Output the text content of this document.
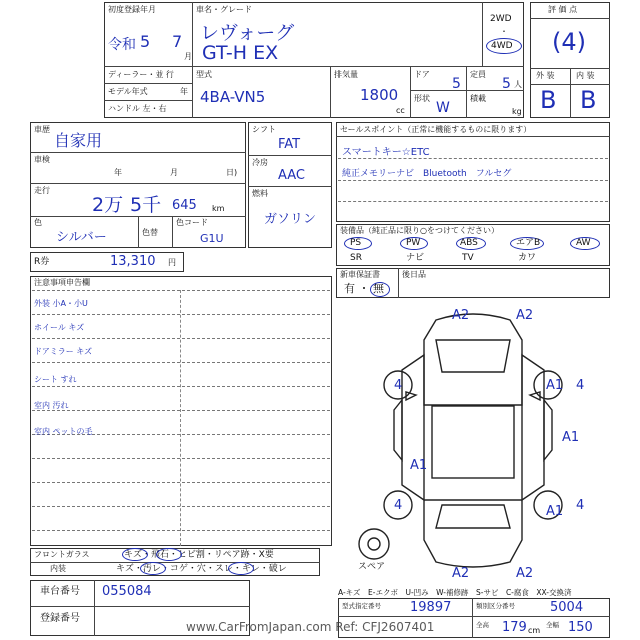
初度登録年月
令和 5 7
月
車名・グレード
レヴォーグ
GT-H EX
2WD
・
4WD
ディーラー・並 行
モデル年式	年
ハンドル 左・右
型式
4BA-VN5
排気量
1800
cc
ドア
5
定員
5 人
形状
W
積載
kg
評 価 点
(4)
外 装	内 装
B B
車歴
自家用
車検
年	月	日)
走行
2万 5千 645 km
色
シルバー	色替
色コード
G1U
シフト
FAT
冷房
AAC
燃料
ガソリン
セールスポイント（正常に機能するものに限ります）
スマートキー☆ETC
純正メモリーナビ　Bluetooth　フルセグ
装備品（純正品に限り○をつけてください）
PS	PW	ABS	エアB	AW
SR	ナビ	TV	カワ
新車保証書
有 ・ 無
後日品
R券	13,310 円
注意事項申告欄
外装 小A・小U
ホイール キズ
ドアミラー キズ
シート すれ
室内 汚れ
室内 ペットの毛
フロントガラス	キズ・飛石・ヒビ割・リペア跡・X要
内装	キズ・汚レ・コゲ・穴・スレ・キレ・破レ
車台番号 055084
登録番号
A2	A2
4	A1 4
A1
A1
4	A1 4
A2	A2
スペア
A-キズ　E-エクボ　U-凹み　W-補修跡　S-サビ　C-腐食　XX-交換済
型式指定番号 19897	類別区分番号	5004
全高 179 cm
全幅 150
www.CarFromJapan.com Ref: CFJ2607401
